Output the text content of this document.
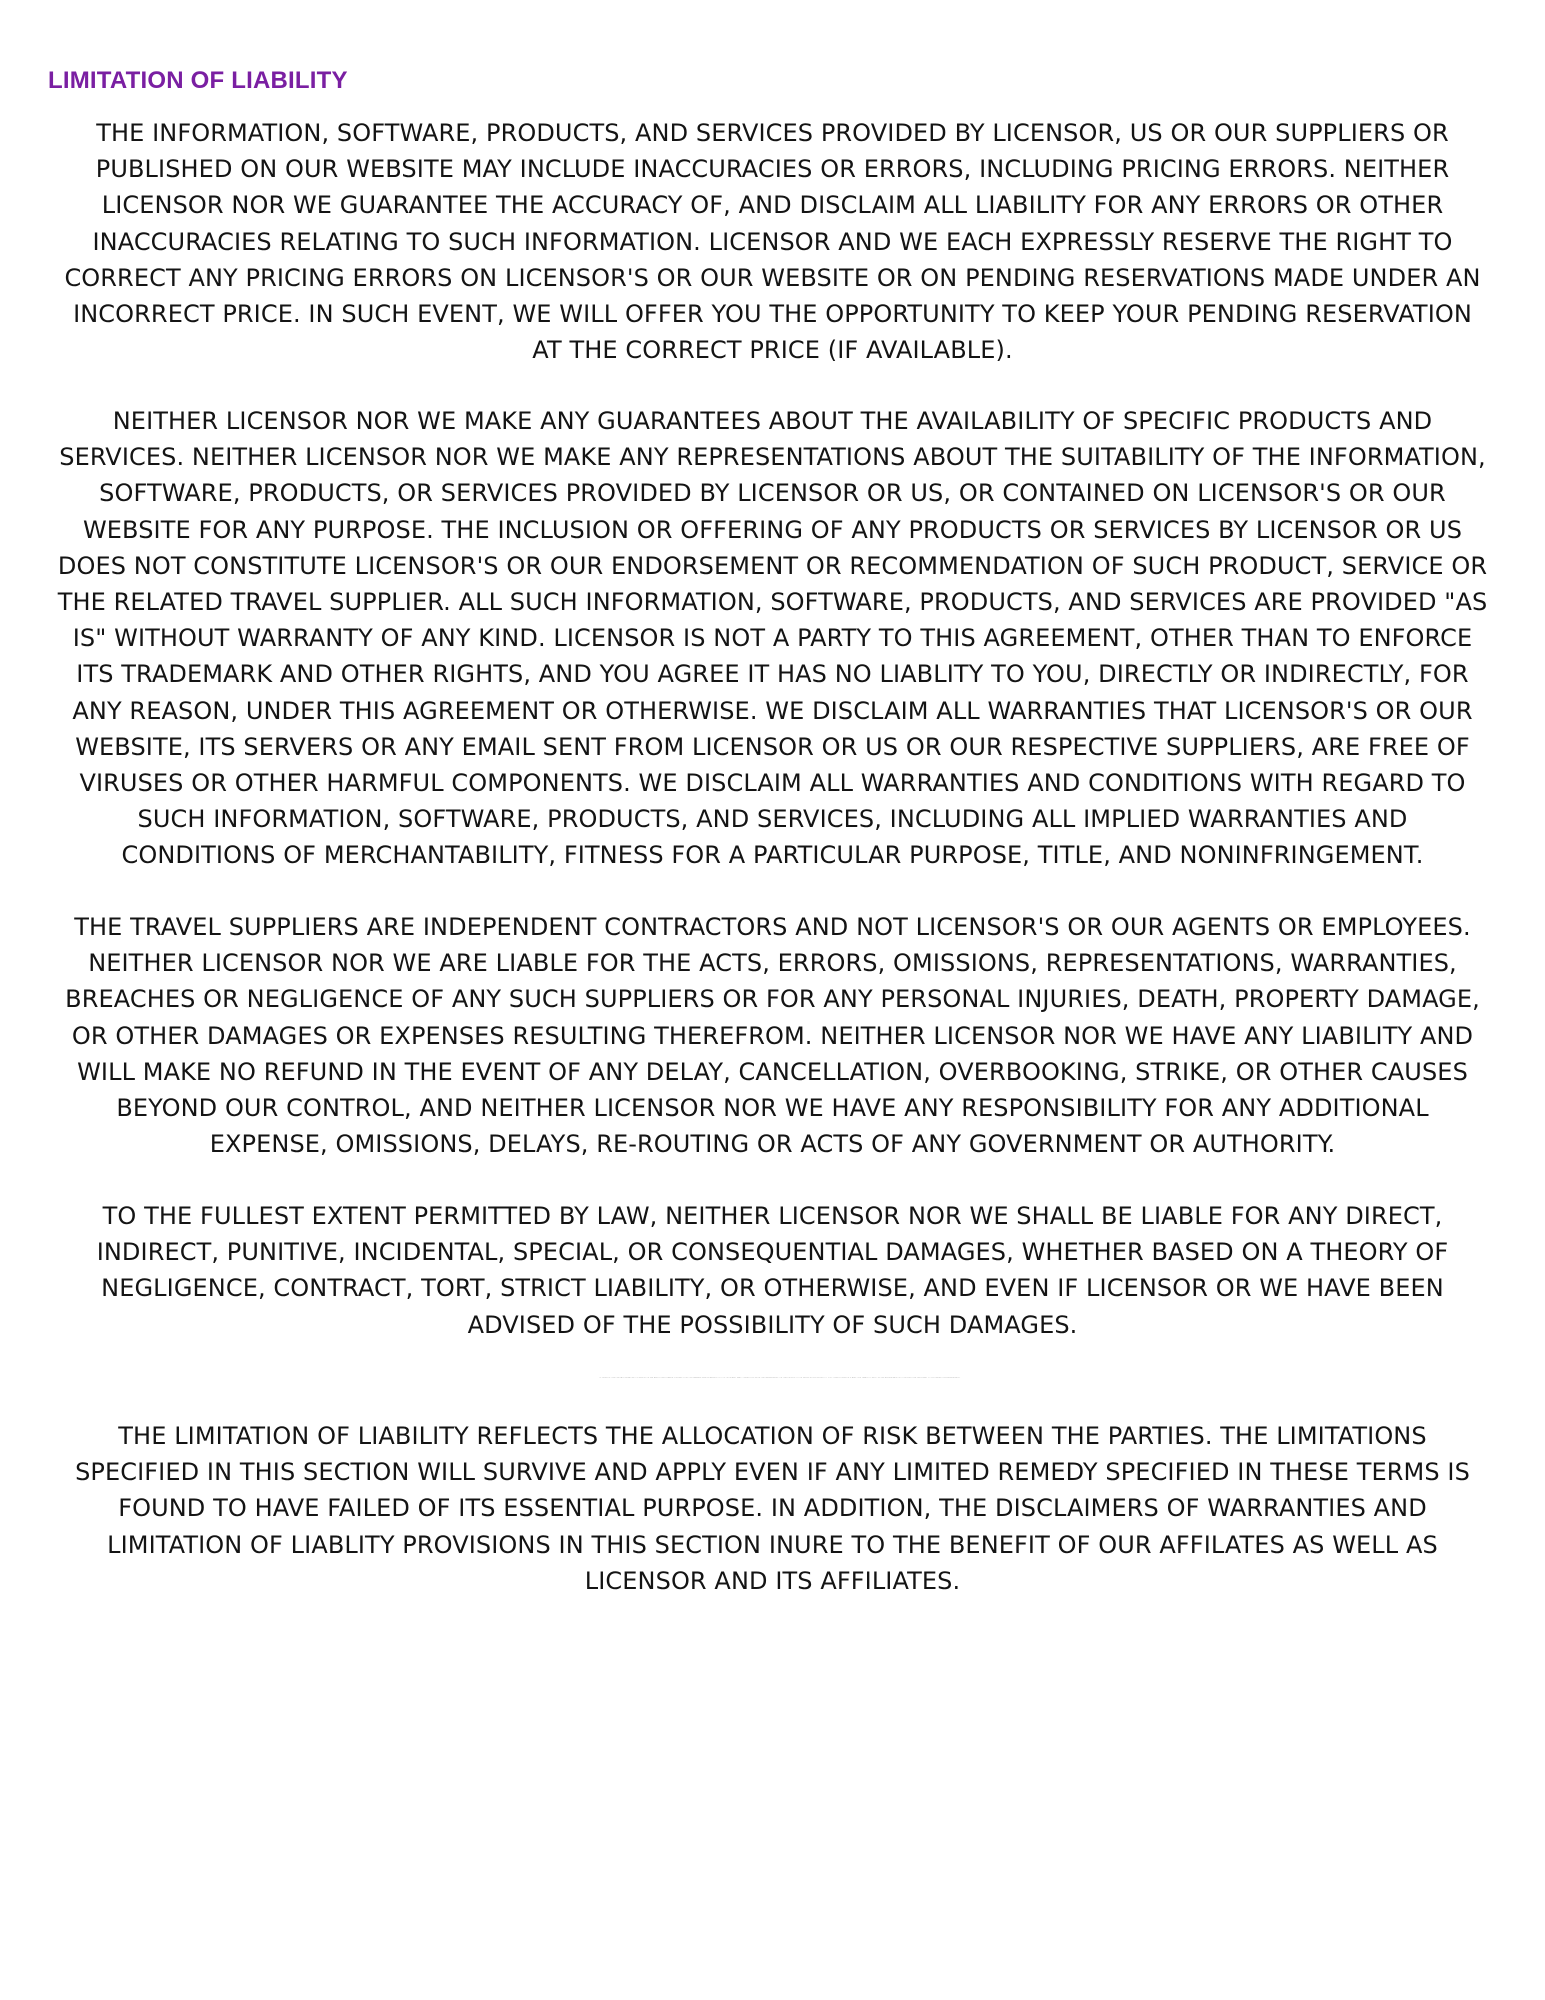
LIMITATION OF LIABILITY

THE INFORMATION, SOFTWARE, PRODUCTS, AND SERVICES PROVIDED BY LICENSOR, US OR OUR SUPPLIERS OR
PUBLISHED ON OUR WEBSITE MAY INCLUDE INACCURACIES OR ERRORS, INCLUDING PRICING ERRORS. NEITHER
LICENSOR NOR WE GUARANTEE THE ACCURACY OF, AND DISCLAIM ALL LIABILITY FOR ANY ERRORS OR OTHER
INACCURACIES RELATING TO SUCH INFORMATION. LICENSOR AND WE EACH EXPRESSLY RESERVE THE RIGHT TO
CORRECT ANY PRICING ERRORS ON LICENSOR'S OR OUR WEBSITE OR ON PENDING RESERVATIONS MADE UNDER AN
INCORRECT PRICE. IN SUCH EVENT, WE WILL OFFER YOU THE OPPORTUNITY TO KEEP YOUR PENDING RESERVATION
AT THE CORRECT PRICE (IF AVAILABLE).

NEITHER LICENSOR NOR WE MAKE ANY GUARANTEES ABOUT THE AVAILABILITY OF SPECIFIC PRODUCTS AND
SERVICES. NEITHER LICENSOR NOR WE MAKE ANY REPRESENTATIONS ABOUT THE SUITABILITY OF THE INFORMATION,
SOFTWARE, PRODUCTS, OR SERVICES PROVIDED BY LICENSOR OR US, OR CONTAINED ON LICENSOR'S OR OUR
WEBSITE FOR ANY PURPOSE. THE INCLUSION OR OFFERING OF ANY PRODUCTS OR SERVICES BY LICENSOR OR US
DOES NOT CONSTITUTE LICENSOR'S OR OUR ENDORSEMENT OR RECOMMENDATION OF SUCH PRODUCT, SERVICE OR
THE RELATED TRAVEL SUPPLIER. ALL SUCH INFORMATION, SOFTWARE, PRODUCTS, AND SERVICES ARE PROVIDED "AS
IS" WITHOUT WARRANTY OF ANY KIND. LICENSOR IS NOT A PARTY TO THIS AGREEMENT, OTHER THAN TO ENFORCE
ITS TRADEMARK AND OTHER RIGHTS, AND YOU AGREE IT HAS NO LIABLITY TO YOU, DIRECTLY OR INDIRECTLY, FOR
ANY REASON, UNDER THIS AGREEMENT OR OTHERWISE. WE DISCLAIM ALL WARRANTIES THAT LICENSOR'S OR OUR
WEBSITE, ITS SERVERS OR ANY EMAIL SENT FROM LICENSOR OR US OR OUR RESPECTIVE SUPPLIERS, ARE FREE OF
VIRUSES OR OTHER HARMFUL COMPONENTS. WE DISCLAIM ALL WARRANTIES AND CONDITIONS WITH REGARD TO
SUCH INFORMATION, SOFTWARE, PRODUCTS, AND SERVICES, INCLUDING ALL IMPLIED WARRANTIES AND
CONDITIONS OF MERCHANTABILITY, FITNESS FOR A PARTICULAR PURPOSE, TITLE, AND NONINFRINGEMENT.

THE TRAVEL SUPPLIERS ARE INDEPENDENT CONTRACTORS AND NOT LICENSOR'S OR OUR AGENTS OR EMPLOYEES.
NEITHER LICENSOR NOR WE ARE LIABLE FOR THE ACTS, ERRORS, OMISSIONS, REPRESENTATIONS, WARRANTIES,
BREACHES OR NEGLIGENCE OF ANY SUCH SUPPLIERS OR FOR ANY PERSONAL INJURIES, DEATH, PROPERTY DAMAGE,
OR OTHER DAMAGES OR EXPENSES RESULTING THEREFROM. NEITHER LICENSOR NOR WE HAVE ANY LIABILITY AND
WILL MAKE NO REFUND IN THE EVENT OF ANY DELAY, CANCELLATION, OVERBOOKING, STRIKE, OR OTHER CAUSES
BEYOND OUR CONTROL, AND NEITHER LICENSOR NOR WE HAVE ANY RESPONSIBILITY FOR ANY ADDITIONAL
EXPENSE, OMISSIONS, DELAYS, RE-ROUTING OR ACTS OF ANY GOVERNMENT OR AUTHORITY.

TO THE FULLEST EXTENT PERMITTED BY LAW, NEITHER LICENSOR NOR WE SHALL BE LIABLE FOR ANY DIRECT,
INDIRECT, PUNITIVE, INCIDENTAL, SPECIAL, OR CONSEQUENTIAL DAMAGES, WHETHER BASED ON A THEORY OF
NEGLIGENCE, CONTRACT, TORT, STRICT LIABILITY, OR OTHERWISE, AND EVEN IF LICENSOR OR WE HAVE BEEN
ADVISED OF THE POSSIBILITY OF SUCH DAMAGES.

IF DESPITE THE LIMITATION ABOVE, LICENSOR OR WE ARE FOUND LIABLE FOR ANY LOSS OR DAMAGE WHICH ARISES OUT OF OR IN ANY WAY CONNECTED WITH THIS AGREEMENT OR THE PRODUCTS OR SERVICES PROVIDED TO YOU, THEN LICENSOR'S AND OUR LIABILITY WILL, IN THE AGGREGATE, NOT EXCEED THE FEES PAID TO US UNDER THIS AGREEMENT.

THE LIMITATION OF LIABILITY REFLECTS THE ALLOCATION OF RISK BETWEEN THE PARTIES. THE LIMITATIONS
SPECIFIED IN THIS SECTION WILL SURVIVE AND APPLY EVEN IF ANY LIMITED REMEDY SPECIFIED IN THESE TERMS IS
FOUND TO HAVE FAILED OF ITS ESSENTIAL PURPOSE. IN ADDITION, THE DISCLAIMERS OF WARRANTIES AND
LIMITATION OF LIABLITY PROVISIONS IN THIS SECTION INURE TO THE BENEFIT OF OUR AFFILATES AS WELL AS
LICENSOR AND ITS AFFILIATES.
